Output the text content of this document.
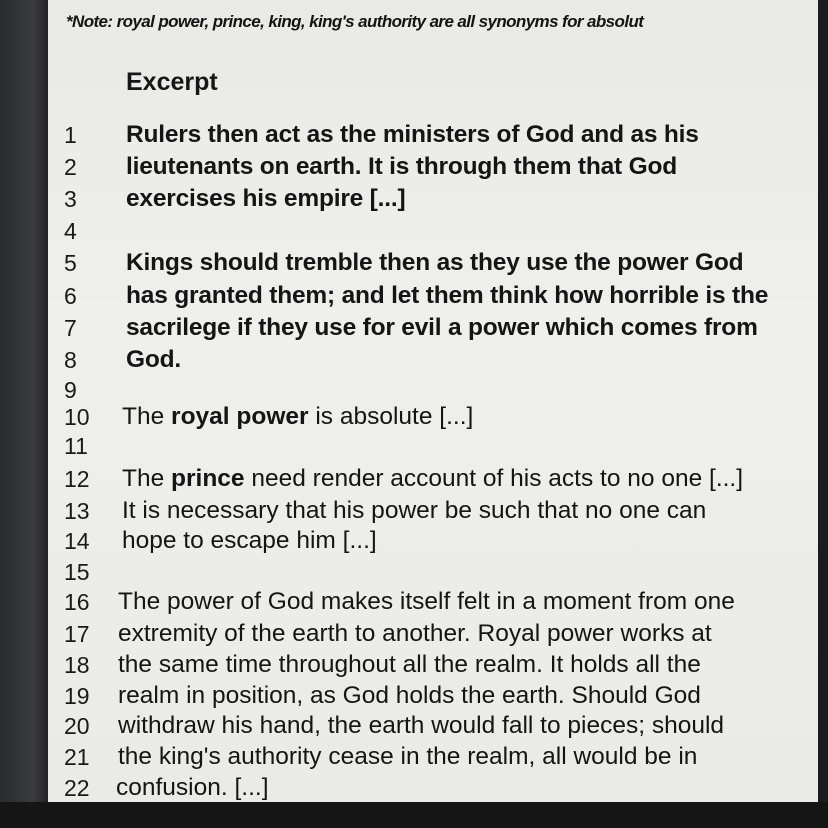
*Note: royal power, prince, king, king's authority are all synonyms for absolut
Excerpt
1 Rulers then act as the ministers of God and as his
2 lieutenants on earth. It is through them that God
3 exercises his empire [...]
4
5 Kings should tremble then as they use the power God
6 has granted them; and let them think how horrible is the
7 sacrilege if they use for evil a power which comes from
8 God.
9
10 The royal power is absolute [...]
11
12 The prince need render account of his acts to no one [...]
13 It is necessary that his power be such that no one can
14 hope to escape him [...]
15
16 The power of God makes itself felt in a moment from one
17 extremity of the earth to another. Royal power works at
18 the same time throughout all the realm. It holds all the
19 realm in position, as God holds the earth. Should God
20 withdraw his hand, the earth would fall to pieces; should
21 the king's authority cease in the realm, all would be in
22 confusion. [...]
